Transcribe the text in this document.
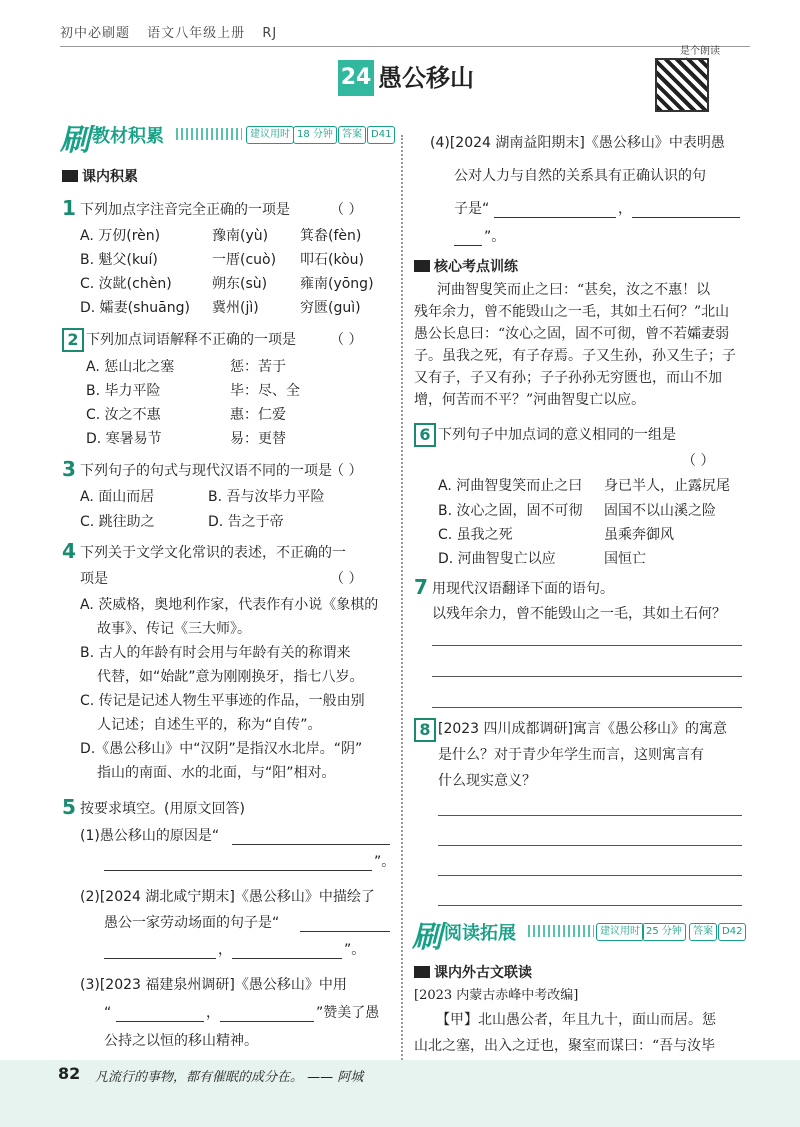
初中必刷题 语文八年级上册 RJ
24 愚公移山
是个朗读
刷 教材积累	建议用时 18 分钟 答案 D41
课内积累
1 下列加点字注音完全正确的一项是	（ ）
A. 万仞(rèn)	豫南(yù) 箕畚(fèn)
B. 魁父(kuí)	一厝(cuò) 叩石(kòu)
C. 汝龀(chèn)	朔东(sù) 雍南(yōng)
D. 孀妻(shuāng) 冀州(jì)	穷匮(guì)
2 下列加点词语解释不正确的一项是 （ ）
A. 惩山北之塞	惩：苦于
B. 毕力平险	毕：尽、全
C. 汝之不惠	惠：仁爱
D. 寒暑易节	易：更替
3 下列句子的句式与现代汉语不同的一项是
（ ）
A. 面山而居	B. 吾与汝毕力平险
C. 跳往助之	D. 告之于帝
4 下列关于文学文化常识的表述，不正确的一
项是	（ ）
A. 茨威格，奥地利作家，代表作有小说《象棋的
故事》、传记《三大师》。
B. 古人的年龄有时会用与年龄有关的称谓来
代替，如“始龀”意为刚刚换牙，指七八岁。
C. 传记是记述人物生平事迹的作品，一般由别
人记述；自述生平的，称为“自传”。
D.《愚公移山》中“汉阴”是指汉水北岸。“阴”
指山的南面、水的北面，与“阳”相对。
5 按要求填空。(用原文回答)
(1)愚公移山的原因是“
”。
(2)[2024 湖北咸宁期末]《愚公移山》中描绘了
愚公一家劳动场面的句子是“
，	”。
(3)[2023 福建泉州调研]《愚公移山》中用
“	，	”赞美了愚
公持之以恒的移山精神。
(4)[2024 湖南益阳期末]《愚公移山》中表明愚
公对人力与自然的关系具有正确认识的句
子是“	，
”。
核心考点训练
河曲智叟笑而止之曰：“甚矣，汝之不惠！以
残年余力，曾不能毁山之一毛，其如土石何？”北山
愚公长息曰：“汝心之固，固不可彻，曾不若孀妻弱
子。虽我之死，有子存焉。子又生孙，孙又生子；子
又有子，子又有孙；子子孙孙无穷匮也，而山不加
增，何苦而不平？”河曲智叟亡以应。
6 下列句子中加点词的意义相同的一组是
（ ）
A. 河曲智叟笑而止之曰 身已半人，止露尻尾
B. 汝心之固，固不可彻 固国不以山溪之险
C. 虽我之死	虽乘奔御风
D. 河曲智叟亡以应	国恒亡
7 用现代汉语翻译下面的语句。
以残年余力，曾不能毁山之一毛，其如土石何？
8 [2023 四川成都调研]寓言《愚公移山》的寓意
是什么？对于青少年学生而言，这则寓言有
什么现实意义？
刷 阅读拓展	建议用时 25 分钟	答案 D42
课内外古文联读
[2023 内蒙古赤峰中考改编]
【甲】北山愚公者，年且九十，面山而居。惩
山北之塞，出入之迂也，聚室而谋曰：“吾与汝毕
82 凡流行的事物，都有催眠的成分在。 —— 阿城
